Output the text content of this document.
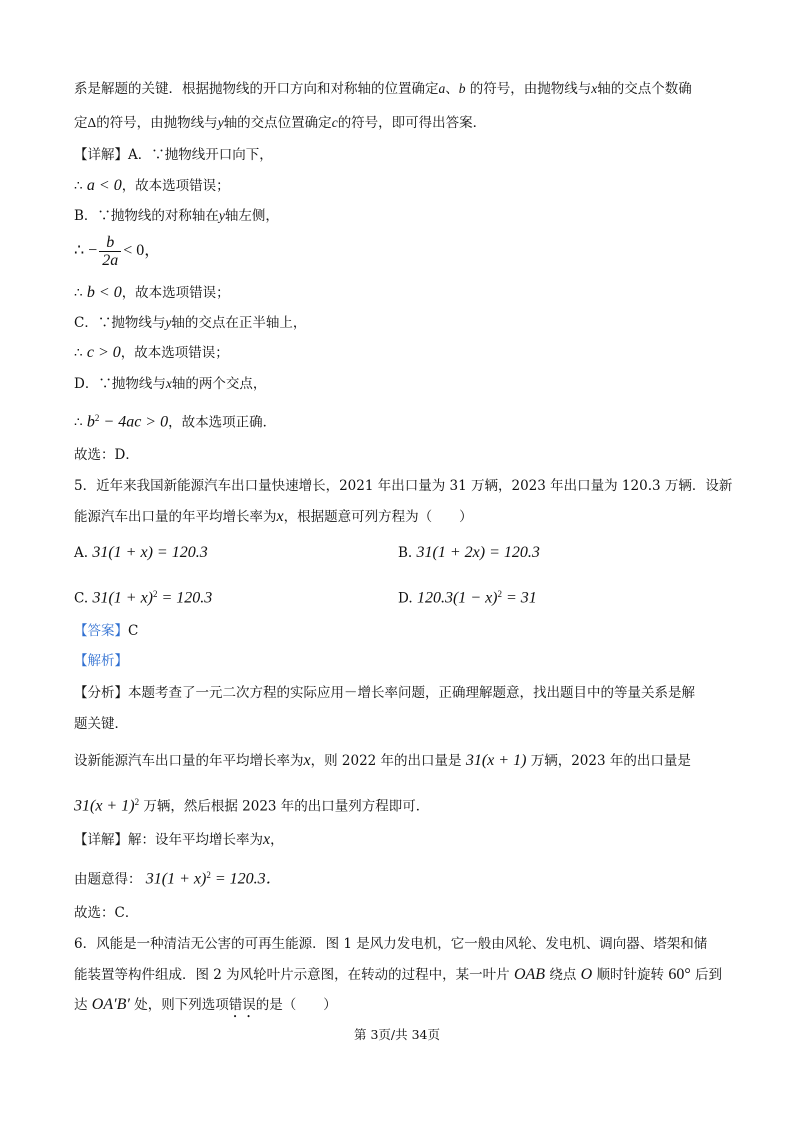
系是解题的关键．根据抛物线的开口方向和对称轴的位置确定a、b 的符号，由抛物线与x轴的交点个数确
定Δ的符号，由抛物线与y轴的交点位置确定c的符号，即可得出答案．
【详解】A．∵抛物线开口向下，
∴ a < 0，故本选项错误；
B．∵抛物线的对称轴在y轴左侧，
∴ − $\frac{b}{2a} < 0$，
∴ b < 0，故本选项错误；
C．∵抛物线与y轴的交点在正半轴上，
∴ c > 0，故本选项错误；
D．∵抛物线与x轴的两个交点，
∴ $b^2 - 4ac > 0$，故本选项正确．
故选：D．
5．近年来我国新能源汽车出口量快速增长，2021 年出口量为 31 万辆，2023 年出口量为 120.3 万辆．设新
能源汽车出口量的年平均增长率为x，根据题意可列方程为（　　）
A. 31(1 + x) = 120.3	B. 31(1 + 2x) = 120.3
C. $31(1 + x)^2 = 120.3$	D. $120.3(1 - x)^2 = 31$
【答案】C
【解析】
【分析】本题考查了一元二次方程的实际应用－增长率问题，正确理解题意，找出题目中的等量关系是解
题关键．
设新能源汽车出口量的年平均增长率为x，则 2022 年的出口量是 31(x + 1) 万辆，2023 年的出口量是
$31(x + 1)^2$ 万辆，然后根据 2023 年的出口量列方程即可．
【详解】解：设年平均增长率为x，
由题意得： $31(1 + x)^2 = 120.3$．
故选：C．
6．风能是一种清洁无公害的可再生能源．图 1 是风力发电机，它一般由风轮、发电机、调向器、塔架和储
能装置等构件组成．图 2 为风轮叶片示意图，在转动的过程中，某一叶片 OAB 绕点 O 顺时针旋转 60° 后到
达 OA′B′ 处，则下列选项错误的是（　　）
第 3页/共 34页
